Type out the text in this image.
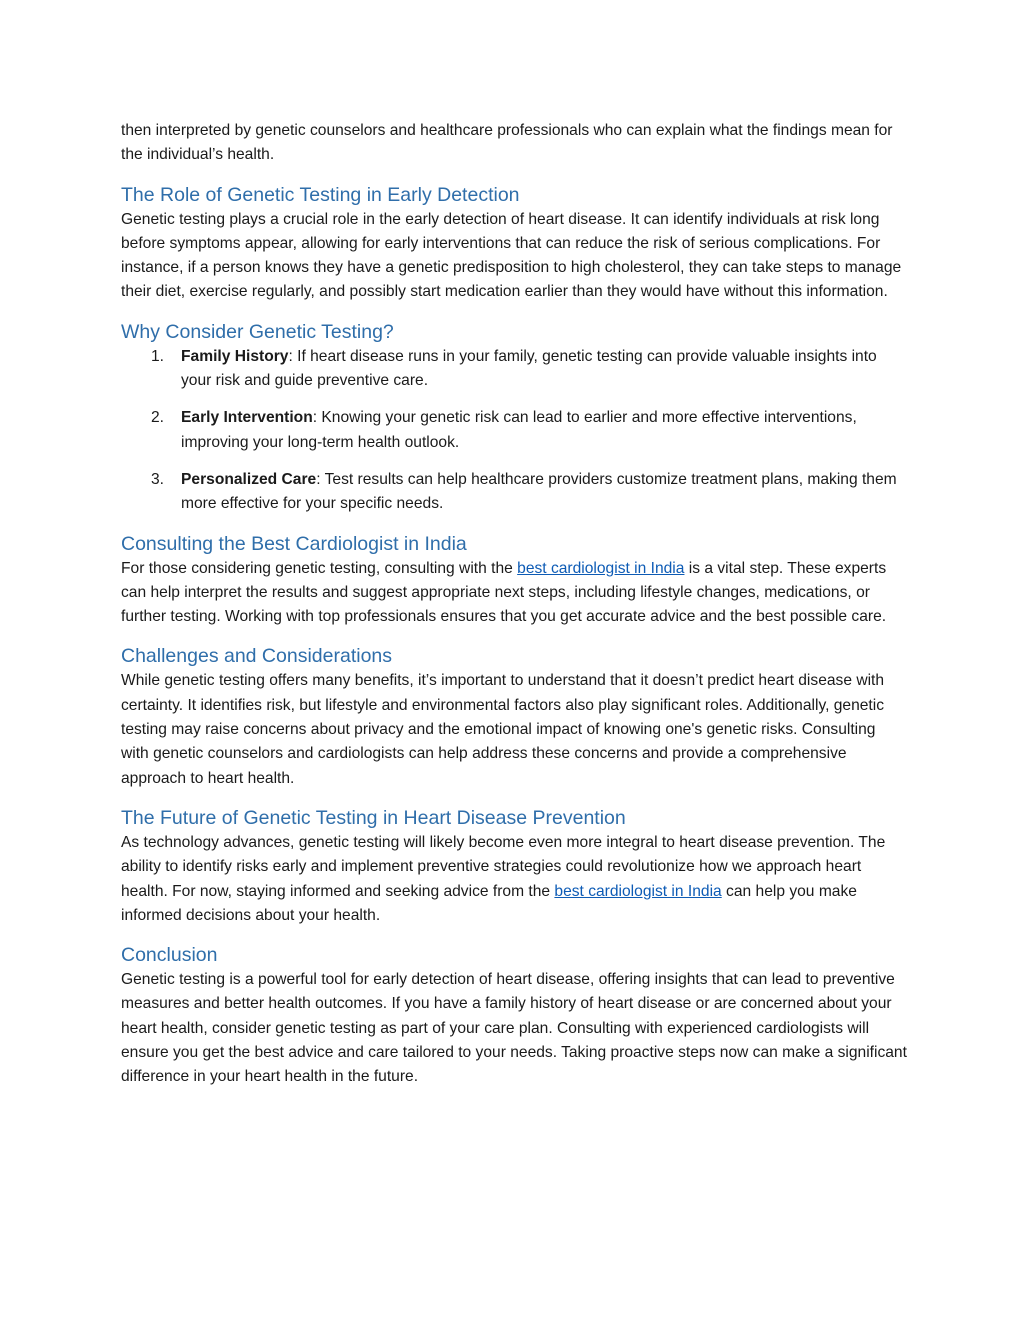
then interpreted by genetic counselors and healthcare professionals who can explain what the findings mean for the individual’s health.

The Role of Genetic Testing in Early Detection

Genetic testing plays a crucial role in the early detection of heart disease. It can identify individuals at risk long before symptoms appear, allowing for early interventions that can reduce the risk of serious complications. For instance, if a person knows they have a genetic predisposition to high cholesterol, they can take steps to manage their diet, exercise regularly, and possibly start medication earlier than they would have without this information.

Why Consider Genetic Testing?
1. Family History: If heart disease runs in your family, genetic testing can provide valuable insights into your risk and guide preventive care.
2. Early Intervention: Knowing your genetic risk can lead to earlier and more effective interventions, improving your long-term health outlook.
3. Personalized Care: Test results can help healthcare providers customize treatment plans, making them more effective for your specific needs.
Consulting the Best Cardiologist in India

For those considering genetic testing, consulting with the best cardiologist in India is a vital step. These experts can help interpret the results and suggest appropriate next steps, including lifestyle changes, medications, or further testing. Working with top professionals ensures that you get accurate advice and the best possible care.

Challenges and Considerations

While genetic testing offers many benefits, it’s important to understand that it doesn’t predict heart disease with certainty. It identifies risk, but lifestyle and environmental factors also play significant roles. Additionally, genetic testing may raise concerns about privacy and the emotional impact of knowing one's genetic risks. Consulting with genetic counselors and cardiologists can help address these concerns and provide a comprehensive approach to heart health.

The Future of Genetic Testing in Heart Disease Prevention

As technology advances, genetic testing will likely become even more integral to heart disease prevention. The ability to identify risks early and implement preventive strategies could revolutionize how we approach heart health. For now, staying informed and seeking advice from the best cardiologist in India can help you make informed decisions about your health.

Conclusion

Genetic testing is a powerful tool for early detection of heart disease, offering insights that can lead to preventive measures and better health outcomes. If you have a family history of heart disease or are concerned about your heart health, consider genetic testing as part of your care plan. Consulting with experienced cardiologists will ensure you get the best advice and care tailored to your needs. Taking proactive steps now can make a significant difference in your heart health in the future.
